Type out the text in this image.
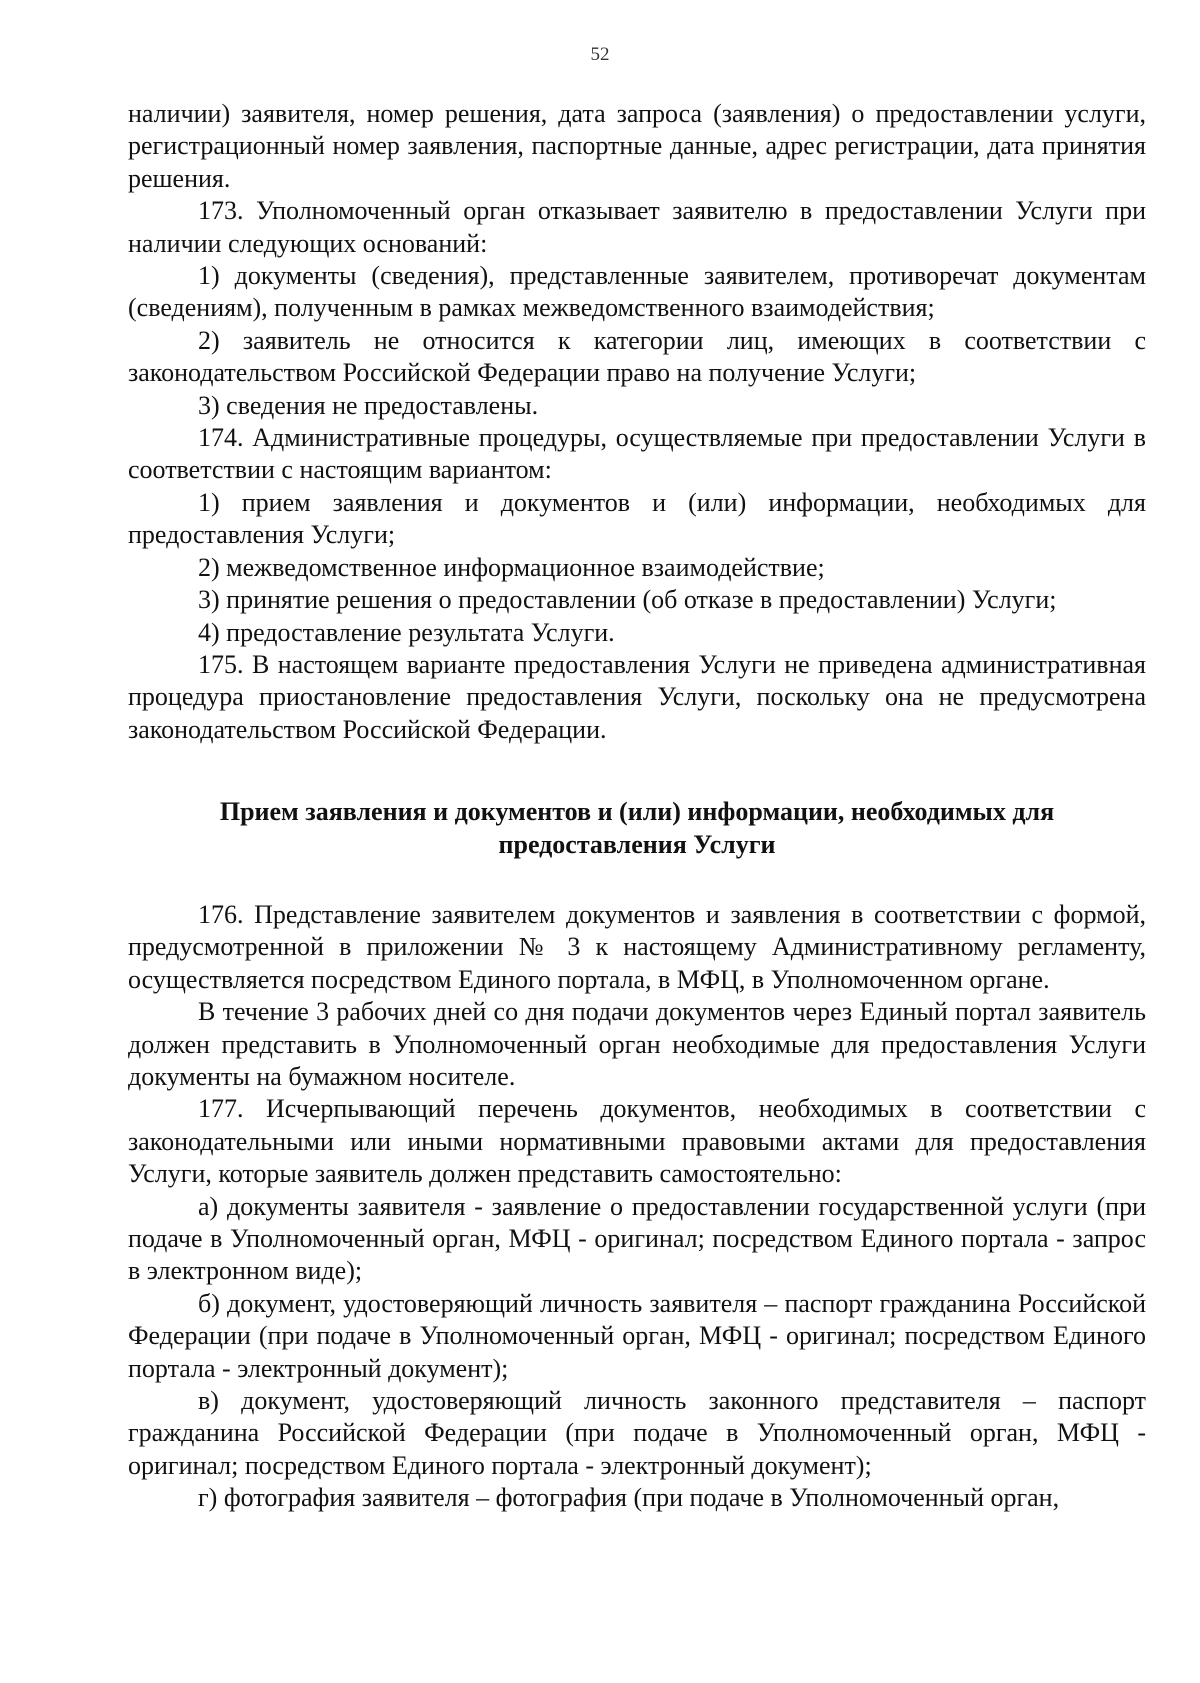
52

наличии) заявителя, номер решения, дата запроса (заявления) о предоставлении услуги, регистрационный номер заявления, паспортные данные, адрес регистрации, дата принятия решения.

173. Уполномоченный орган отказывает заявителю в предоставлении Услуги при наличии следующих оснований:

1) документы (сведения), представленные заявителем, противоречат документам (сведениям), полученным в рамках межведомственного взаимодействия;

2) заявитель не относится к категории лиц, имеющих в соответствии с законодательством Российской Федерации право на получение Услуги;

3) сведения не предоставлены.

174. Административные процедуры, осуществляемые при предоставлении Услуги в соответствии с настоящим вариантом:

1) прием заявления и документов и (или) информации, необходимых для предоставления Услуги;

2) межведомственное информационное взаимодействие;

3) принятие решения о предоставлении (об отказе в предоставлении) Услуги;

4) предоставление результата Услуги.

175. В настоящем варианте предоставления Услуги не приведена административная процедура приостановление предоставления Услуги, поскольку она не предусмотрена законодательством Российской Федерации.

Прием заявления и документов и (или) информации, необходимых для
предоставления Услуги

176. Представление заявителем документов и заявления в соответствии с формой, предусмотренной в приложении № 3 к настоящему Административному регламенту, осуществляется посредством Единого портала, в МФЦ, в Уполномоченном органе.

В течение 3 рабочих дней со дня подачи документов через Единый портал заявитель должен представить в Уполномоченный орган необходимые для предоставления Услуги документы на бумажном носителе.

177. Исчерпывающий перечень документов, необходимых в соответствии с законодательными или иными нормативными правовыми актами для предоставления Услуги, которые заявитель должен представить самостоятельно:

а) документы заявителя - заявление о предоставлении государственной услуги (при подаче в Уполномоченный орган, МФЦ - оригинал; посредством Единого портала - запрос в электронном виде);

б) документ, удостоверяющий личность заявителя – паспорт гражданина Российской Федерации (при подаче в Уполномоченный орган, МФЦ - оригинал; посредством Единого портала - электронный документ);

в) документ, удостоверяющий личность законного представителя – паспорт гражданина Российской Федерации (при подаче в Уполномоченный орган, МФЦ - оригинал; посредством Единого портала - электронный документ);

г) фотография заявителя – фотография (при подаче в Уполномоченный орган,
